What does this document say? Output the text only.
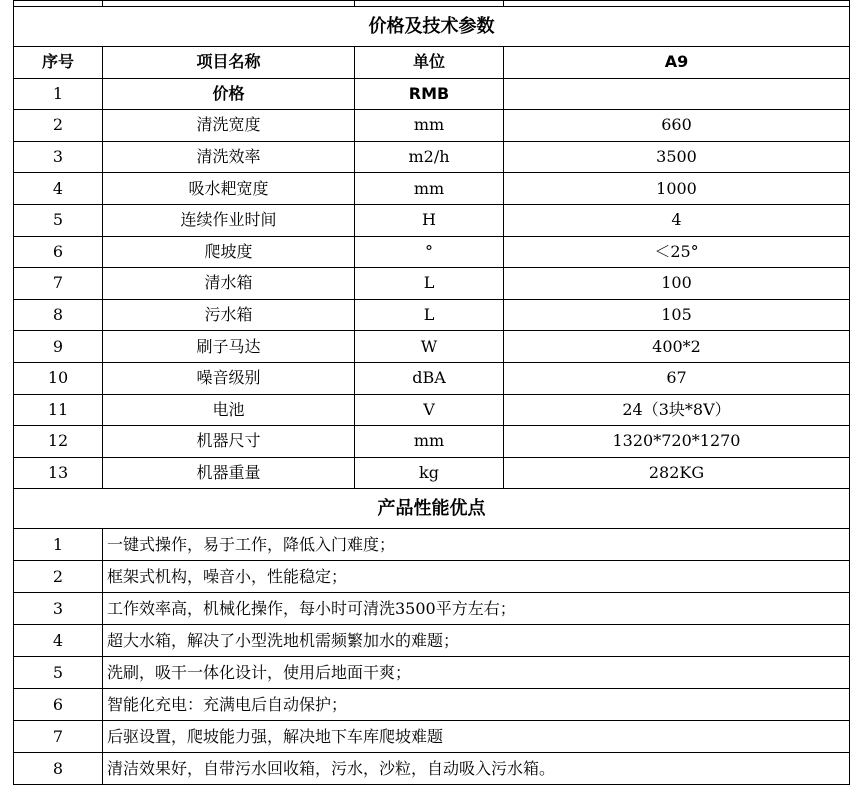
价格及技术参数			
序号	项目名称	单位	A9
1	价格	RMB	
2	清洗宽度	mm	660
3	清洗效率	m2/h	3500
4	吸水耙宽度	mm	1000
5	连续作业时间	H	4
6	爬坡度	°	＜25°
7	清水箱	L	100
8	污水箱	L	105
9	刷子马达	W	400*2
10	噪音级别	dBA	67
11	电池	V	24（3块*8V）
12	机器尺寸	mm	1320*720*1270
13	机器重量	kg	282KG
产品性能优点			
1	一键式操作，易于工作，降低入门难度；		
2	框架式机构，噪音小，性能稳定；		
3	工作效率高，机械化操作，每小时可清洗3500平方左右；		
4	超大水箱，解决了小型洗地机需频繁加水的难题；		
5	洗刷，吸干一体化设计，使用后地面干爽；		
6	智能化充电：充满电后自动保护；		
7	后驱设置，爬坡能力强，解决地下车库爬坡难题		
8	清洁效果好，自带污水回收箱，污水，沙粒，自动吸入污水箱。		
